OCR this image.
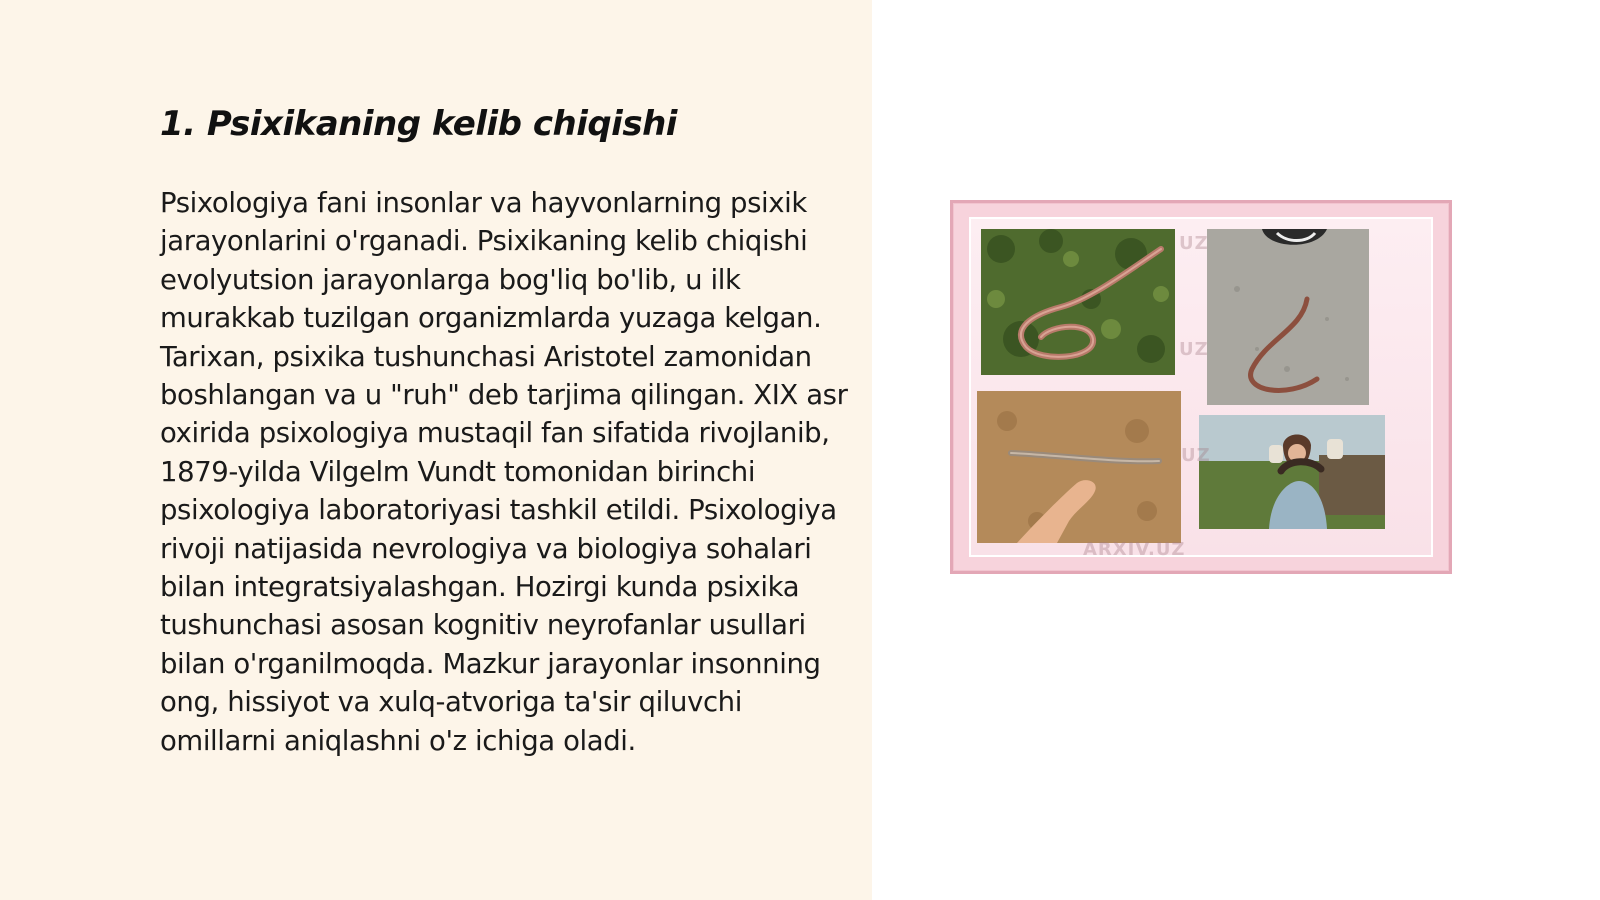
1. Psixikaning kelib chiqishi

Psixologiya fani insonlar va hayvonlarning psixik jarayonlarini o'rganadi. Psixikaning kelib chiqishi evolyutsion jarayonlarga bog'liq bo'lib, u ilk murakkab tuzilgan organizmlarda yuzaga kelgan. Tarixan, psixika tushunchasi Aristotel zamonidan boshlangan va u "ruh" deb tarjima qilingan. XIX asr oxirida psixologiya mustaqil fan sifatida rivojlanib, 1879-yilda Vilgelm Vundt tomonidan birinchi psixologiya laboratoriyasi tashkil etildi. Psixologiya rivoji natijasida nevrologiya va biologiya sohalari bilan integratsiyalashgan. Hozirgi kunda psixika tushunchasi asosan kognitiv neyrofanlar usullari bilan o'rganilmoqda. Mazkur jarayonlar insonning ong, hissiyot va xulq-atvoriga ta'sir qiluvchi omillarni aniqlashni o'z ichiga oladi.

UZ
UZ
UZ
ARXIV.UZ
